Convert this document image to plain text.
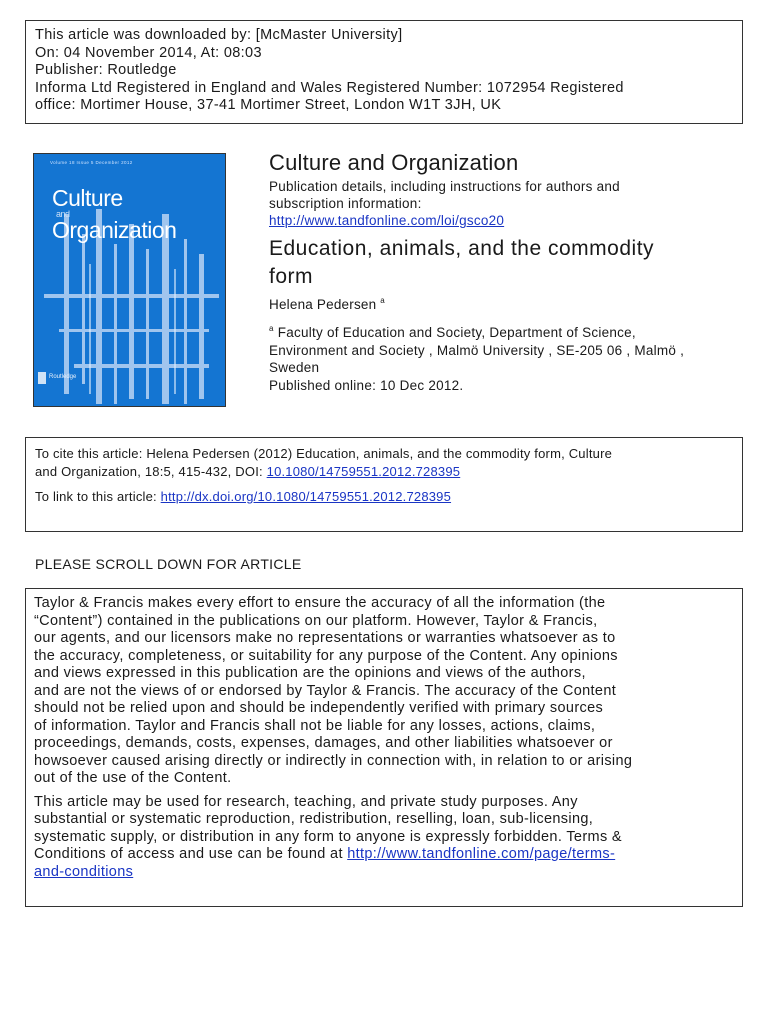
This article was downloaded by: [McMaster University]
On: 04 November 2014, At: 08:03
Publisher: Routledge
Informa Ltd Registered in England and Wales Registered Number: 1072954 Registered
office: Mortimer House, 37-41 Mortimer Street, London W1T 3JH, UK
Volume 18 Issue 5 December 2012
Culture
and
Organization
Routledge
Culture and Organization
Publication details, including instructions for authors and
subscription information:
http://www.tandfonline.com/loi/gsco20
Education, animals, and the commodity
form
Helena Pedersen $^a$
$^a$ Faculty of Education and Society, Department of Science,
Environment and Society , Malmö University , SE-205 06 , Malmö ,
Sweden
Published online: 10 Dec 2012.
To cite this article: Helena Pedersen (2012) Education, animals, and the commodity form, Culture
and Organization, 18:5, 415-432, DOI: 10.1080/14759551.2012.728395
To link to this article: http://dx.doi.org/10.1080/14759551.2012.728395
PLEASE SCROLL DOWN FOR ARTICLE
Taylor & Francis makes every effort to ensure the accuracy of all the information (the
“Content”) contained in the publications on our platform. However, Taylor & Francis,
our agents, and our licensors make no representations or warranties whatsoever as to
the accuracy, completeness, or suitability for any purpose of the Content. Any opinions
and views expressed in this publication are the opinions and views of the authors,
and are not the views of or endorsed by Taylor & Francis. The accuracy of the Content
should not be relied upon and should be independently verified with primary sources
of information. Taylor and Francis shall not be liable for any losses, actions, claims,
proceedings, demands, costs, expenses, damages, and other liabilities whatsoever or
howsoever caused arising directly or indirectly in connection with, in relation to or arising
out of the use of the Content.
This article may be used for research, teaching, and private study purposes. Any
substantial or systematic reproduction, redistribution, reselling, loan, sub-licensing,
systematic supply, or distribution in any form to anyone is expressly forbidden. Terms &
Conditions of access and use can be found at http://www.tandfonline.com/page/terms-
and-conditions
